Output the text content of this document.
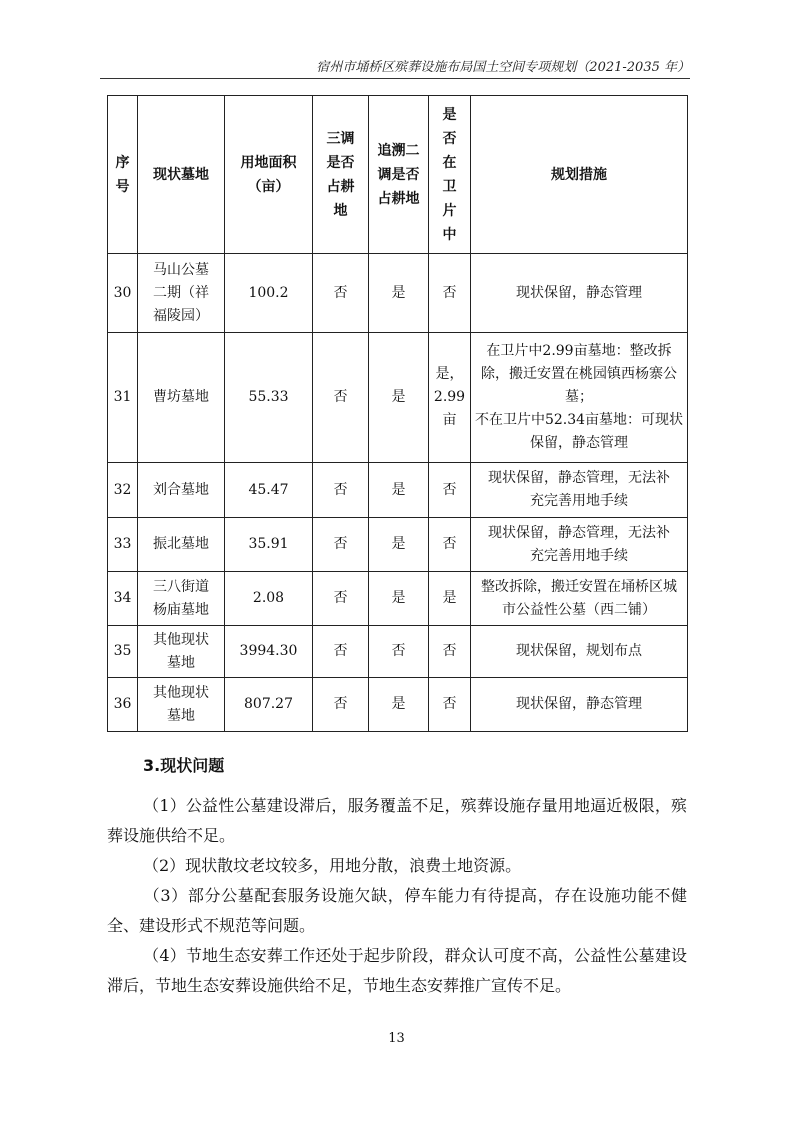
宿州市埇桥区殡葬设施布局国土空间专项规划（2021-2035 年）
序号	现状墓地	用地面积（亩）	三调是否占耕地	追溯二调是否占耕地	是否在卫片中	规划措施
30	马山公墓二期（祥福陵园）	100.2	否	是	否	现状保留，静态管理
31	曹坊墓地	55.33	否	是	是，2.99亩	在卫片中2.99亩墓地：整改拆除，搬迁安置在桃园镇西杨寨公墓；
不在卫片中52.34亩墓地：可现状保留，静态管理
32	刘合墓地	45.47	否	是	否	现状保留，静态管理，无法补充完善用地手续

33	振北墓地	35.91	否	是	否	现状保留，静态管理，无法补充完善用地手续

34	三八街道杨庙墓地	2.08	否	是	是	整改拆除，搬迁安置在埇桥区城市公益性公墓（西二铺）

35	其他现状墓地	3994.30	否	否	否	现状保留，规划布点
36	其他现状墓地	807.27	否	是	否	现状保留，静态管理
3.现状问题
（1）公益性公墓建设滞后，服务覆盖不足，殡葬设施存量用地逼近极限，殡葬设施供给不足。
（2）现状散坟老坟较多，用地分散，浪费土地资源。
（3）部分公墓配套服务设施欠缺，停车能力有待提高，存在设施功能不健全、建设形式不规范等问题。
（4）节地生态安葬工作还处于起步阶段，群众认可度不高，公益性公墓建设滞后，节地生态安葬设施供给不足，节地生态安葬推广宣传不足。
13
